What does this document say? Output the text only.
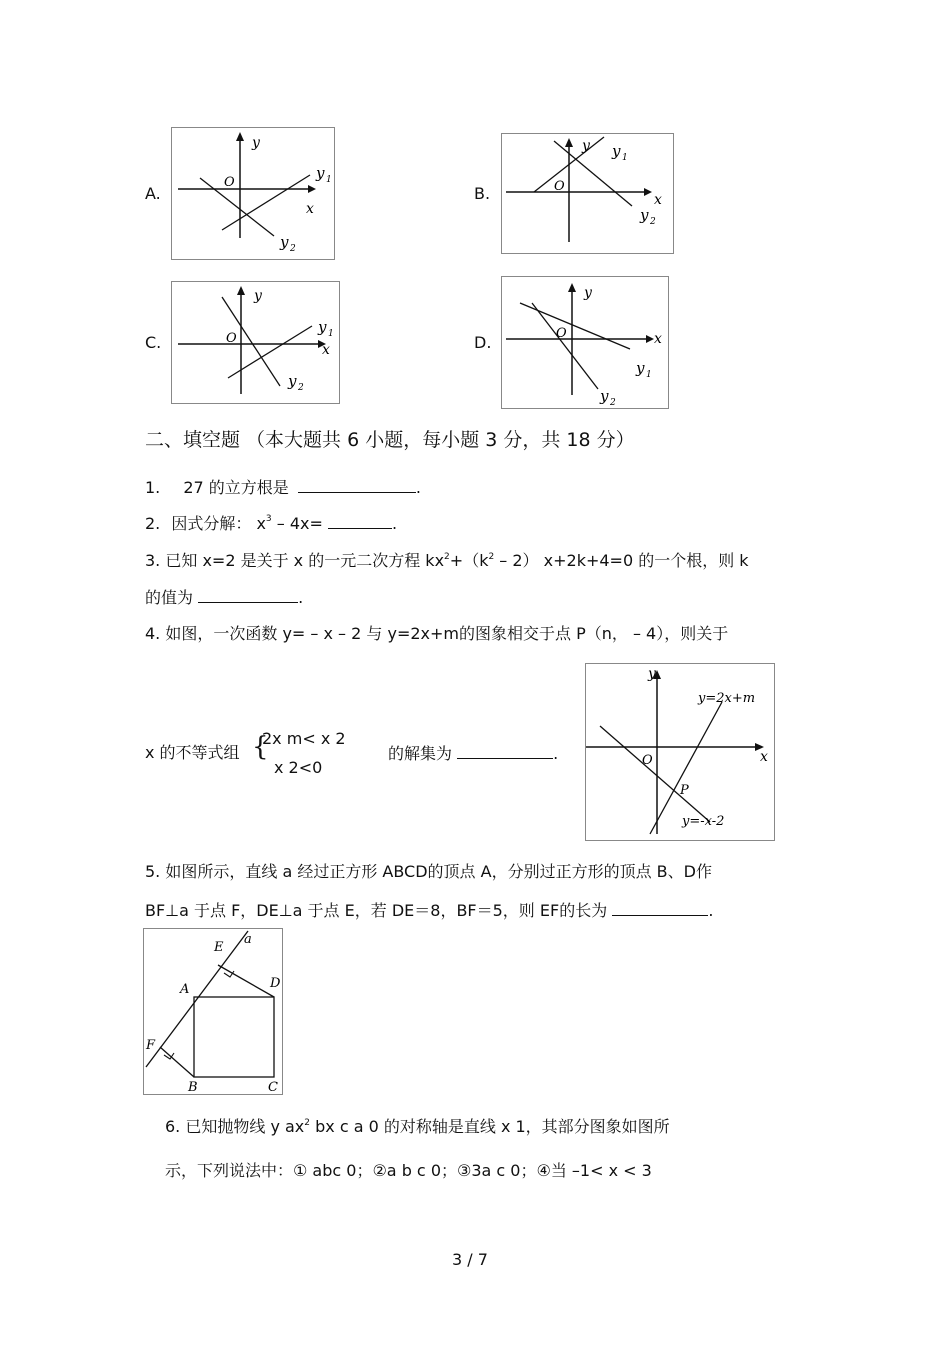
A.	B.
C.	D.
y
x
O
y 1
y 2
y
x
O
y 1
y 2
y
x
O
y 1
y 2
y
x
O
y 1
y 2
二、填空题 （本大题共 6 小题，每小题 3 分，共 18 分）
1. 27 的立方根是	.
2. 因式分解： $x^3 - 4x=$	.
3. 已知 x=2 是关于 x 的一元二次方程 $kx^2+(k^2 - 2)$ x+2k+4=0 的一个根，则 k
的值为	.
4. 如图，一次函数 y= – x – 2 与 y=2x+m的图象相交于点 P（n， – 4），则关于
x 的不等式组 {
2x m< x 2
x 2<0
的解集为	.
y
x
O
P
y=2x+m
y=-x-2
5. 如图所示，直线 a 经过正方形 ABCD的顶点 A，分别过正方形的顶点 B、D作
BF⊥a 于点 F，DE⊥a 于点 E，若 DE＝8，BF＝5，则 EF的长为	.
E
a
A	D
F
B	C
6. 已知抛物线 y $ax^2$ bx c a 0 的对称轴是直线 x 1，其部分图象如图所
示，下列说法中：① abc 0；②a b c 0；③3a c 0；④当 –1< x < 3
3 / 7
